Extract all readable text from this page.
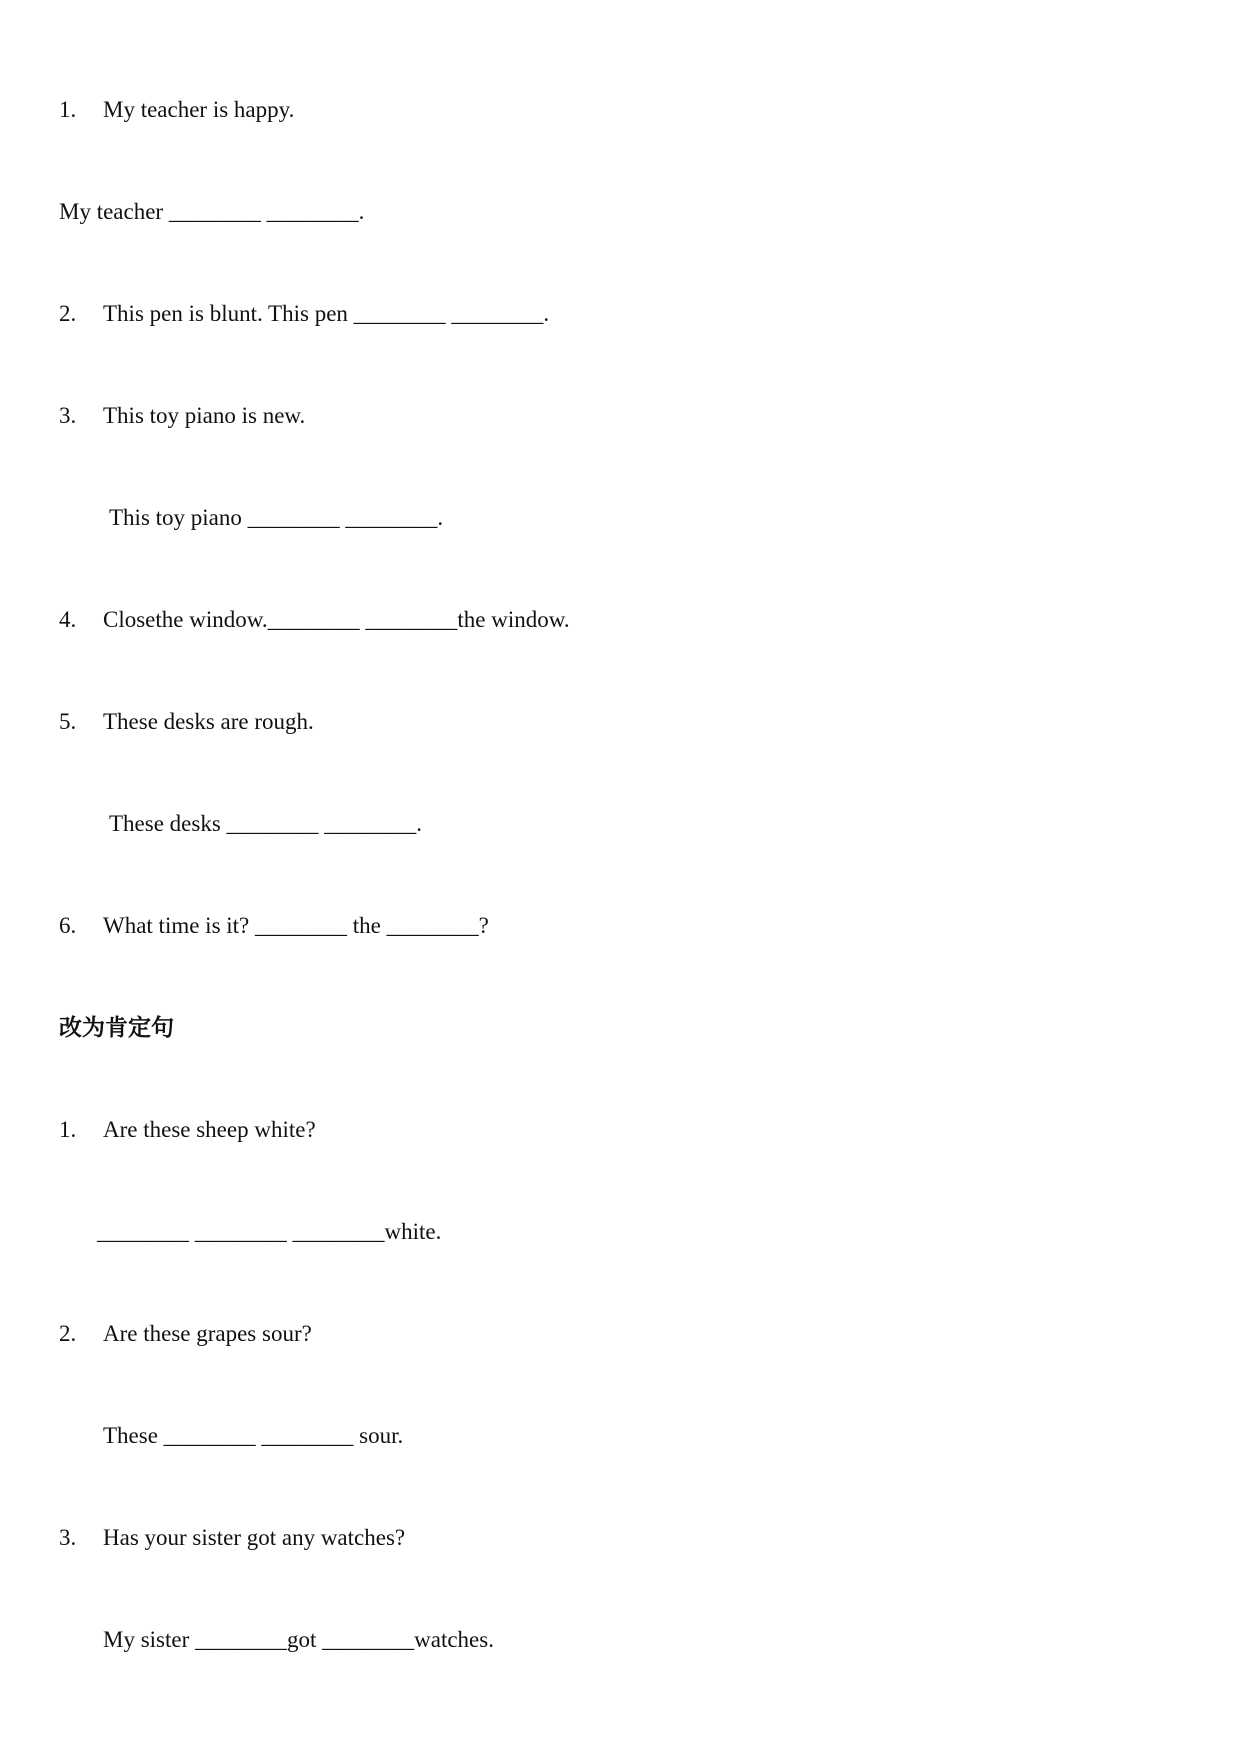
1. My teacher is happy.
My teacher ________ ________.
2. This pen is blunt. This pen ________ ________.
3. This toy piano is new.
This toy piano ________ ________.
4. Closethe window.________ ________the window.
5. These desks are rough.
These desks ________ ________.
6. What time is it? ________ the ________?
改为肯定句
1. Are these sheep white?
________ ________ ________white.
2. Are these grapes sour?
These ________ ________ sour.
3. Has your sister got any watches?
My sister ________got ________watches.
